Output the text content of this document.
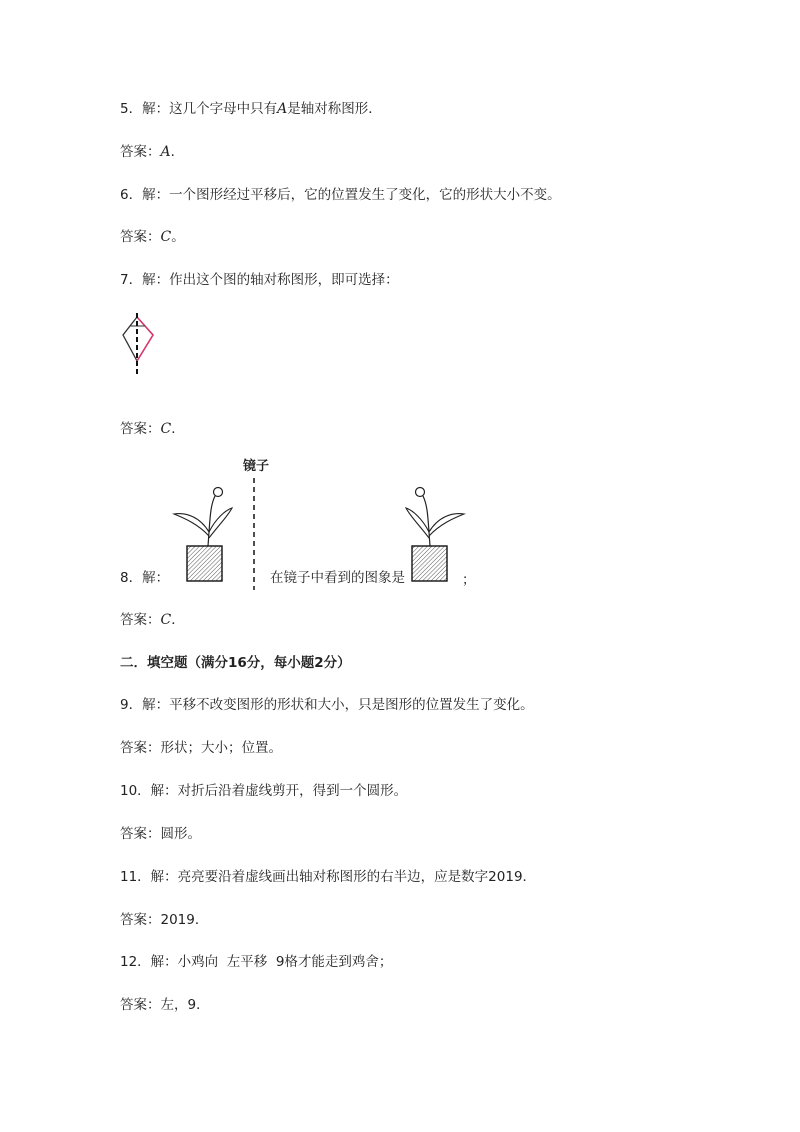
5．解：这几个字母中只有A是轴对称图形．
答案：A．
6．解：一个图形经过平移后，它的位置发生了变化，它的形状大小不变。
答案：C。
7．解：作出这个图的轴对称图形，即可选择：
答案：C．
镜子
8．解：	在镜子中看到的图象是	；
答案：C．
二．填空题（满分16分，每小题2分）
9．解：平移不改变图形的形状和大小，只是图形的位置发生了变化。
答案：形状；大小；位置。
10．解：对折后沿着虚线剪开，得到一个圆形。
答案：圆形。
11．解：亮亮要沿着虚线画出轴对称图形的右半边，应是数字2019．
答案：2019．
12．解：小鸡向  左平移  9格才能走到鸡舍；
答案：左，9．
